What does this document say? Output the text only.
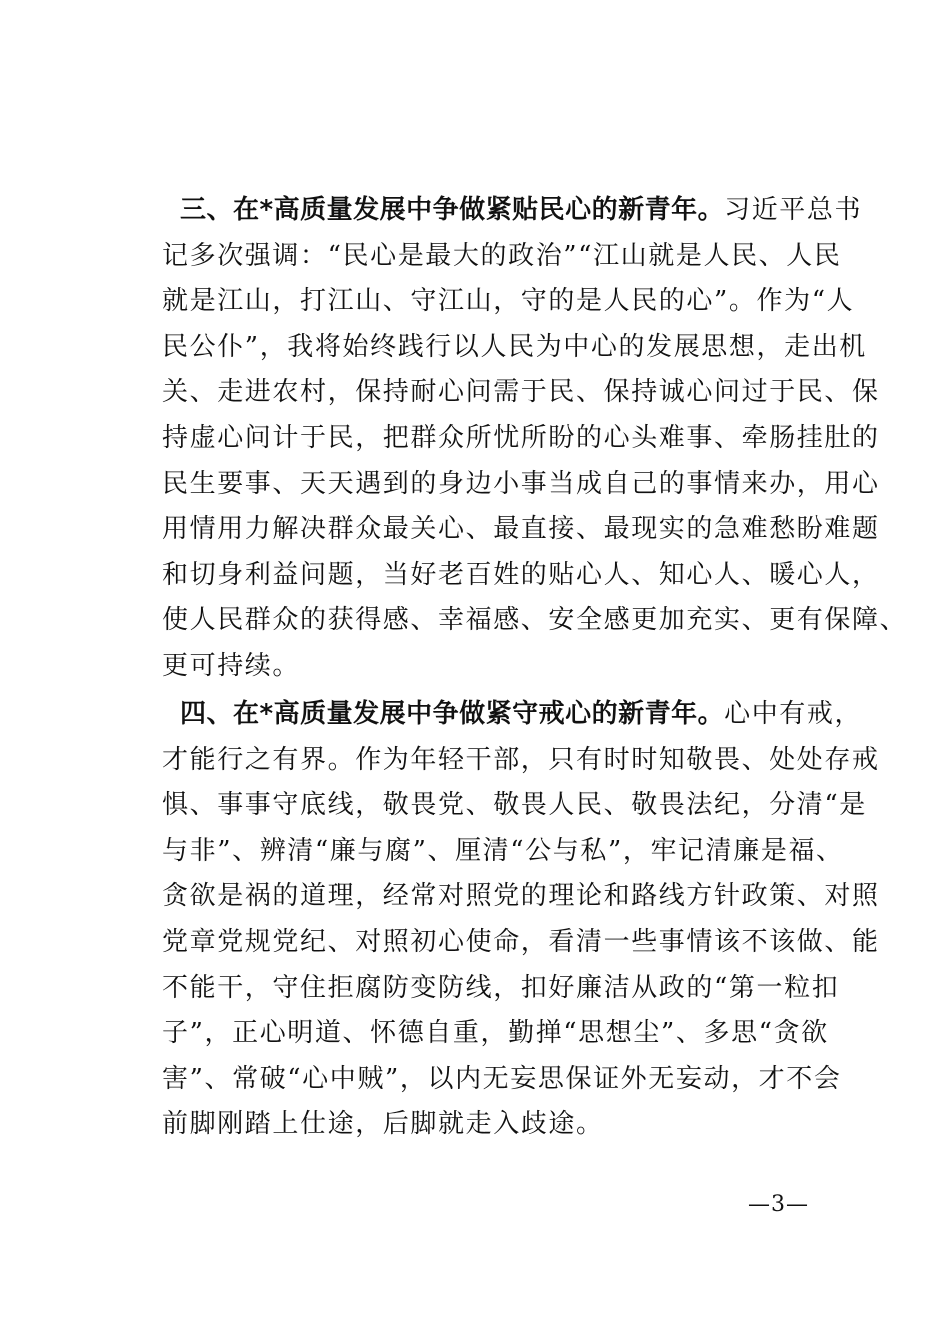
三、在*高质量发展中争做紧贴民心的新青年。习近平总书
记多次强调：“民心是最大的政治”“江山就是人民、人民
就是江山，打江山、守江山，守的是人民的心”。作为“人
民公仆”，我将始终践行以人民为中心的发展思想，走出机
关、走进农村，保持耐心问需于民、保持诚心问过于民、保
持虚心问计于民，把群众所忧所盼的心头难事、牵肠挂肚的
民生要事、天天遇到的身边小事当成自己的事情来办，用心
用情用力解决群众最关心、最直接、最现实的急难愁盼难题
和切身利益问题，当好老百姓的贴心人、知心人、暖心人，
使人民群众的获得感、幸福感、安全感更加充实、更有保障、
更可持续。
四、在*高质量发展中争做紧守戒心的新青年。心中有戒，
才能行之有界。作为年轻干部，只有时时知敬畏、处处存戒
惧、事事守底线，敬畏党、敬畏人民、敬畏法纪，分清“是
与非”、辨清“廉与腐”、厘清“公与私”，牢记清廉是福、
贪欲是祸的道理，经常对照党的理论和路线方针政策、对照
党章党规党纪、对照初心使命，看清一些事情该不该做、能
不能干，守住拒腐防变防线，扣好廉洁从政的“第一粒扣
子”，正心明道、怀德自重，勤掸“思想尘”、多思“贪欲
害”、常破“心中贼”，以内无妄思保证外无妄动，才不会
前脚刚踏上仕途，后脚就走入歧途。
—3—
